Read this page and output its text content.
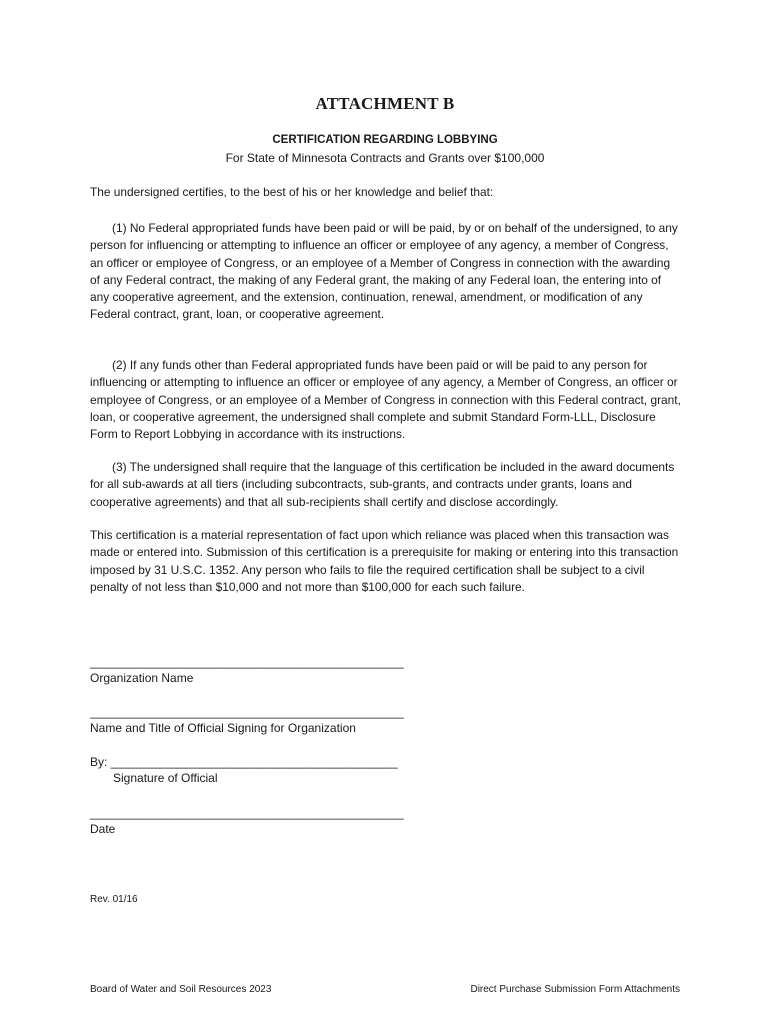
ATTACHMENT B
CERTIFICATION REGARDING LOBBYING
For State of Minnesota Contracts and Grants over $100,000
The undersigned certifies, to the best of his or her knowledge and belief that:
(1) No Federal appropriated funds have been paid or will be paid, by or on behalf of the undersigned, to any person for influencing or attempting to influence an officer or employee of any agency, a member of Congress, an officer or employee of Congress, or an employee of a Member of Congress in connection with the awarding of any Federal contract, the making of any Federal grant, the making of any Federal loan, the entering into of any cooperative agreement, and the extension, continuation, renewal, amendment, or modification of any Federal contract, grant, loan, or cooperative agreement.
(2) If any funds other than Federal appropriated funds have been paid or will be paid to any person for influencing or attempting to influence an officer or employee of any agency, a Member of Congress, an officer or employee of Congress, or an employee of a Member of Congress in connection with this Federal contract, grant, loan, or cooperative agreement, the undersigned shall complete and submit Standard Form-LLL, Disclosure Form to Report Lobbying in accordance with its instructions.
(3) The undersigned shall require that the language of this certification be included in the award documents for all sub-awards at all tiers (including subcontracts, sub-grants, and contracts under grants, loans and cooperative agreements) and that all sub-recipients shall certify and disclose accordingly.
This certification is a material representation of fact upon which reliance was placed when this transaction was made or entered into. Submission of this certification is a prerequisite for making or entering into this transaction imposed by 31 U.S.C. 1352. Any person who fails to file the required certification shall be subject to a civil penalty of not less than $10,000 and not more than $100,000 for each such failure.
_______________________________________________
Organization Name
_______________________________________________
Name and Title of Official Signing for Organization
By: ___________________________________________
Signature of Official
_______________________________________________
Date
Rev. 01/16
Board of Water and Soil Resources 2023	Direct Purchase Submission Form Attachments
